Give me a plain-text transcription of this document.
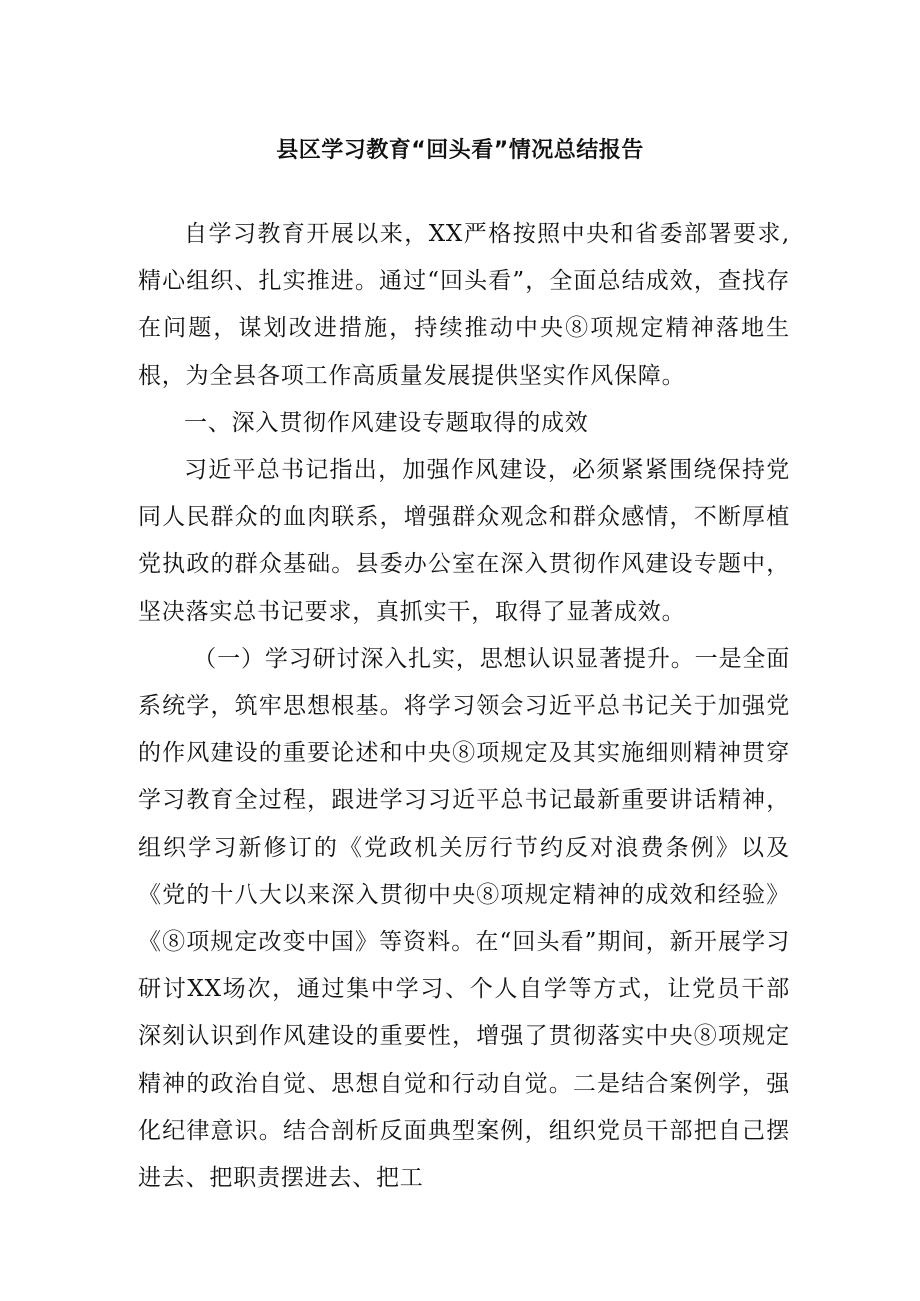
县区学习教育“回头看”情况总结报告

自学习教育开展以来，XX严格按照中央和省委部署要求,精心组织、扎实推进。通过“回头看”，全面总结成效，查找存在问题，谋划改进措施，持续推动中央⑧项规定精神落地生根，为全县各项工作高质量发展提供坚实作风保障。

一、深入贯彻作风建设专题取得的成效

习近平总书记指出，加强作风建设，必须紧紧围绕保持党同人民群众的血肉联系，增强群众观念和群众感情，不断厚植党执政的群众基础。县委办公室在深入贯彻作风建设专题中，坚决落实总书记要求，真抓实干，取得了显著成效。

（一）学习研讨深入扎实，思想认识显著提升。一是全面系统学，筑牢思想根基。将学习领会习近平总书记关于加强党的作风建设的重要论述和中央⑧项规定及其实施细则精神贯穿学习教育全过程，跟进学习习近平总书记最新重要讲话精神，组织学习新修订的《党政机关厉行节约反对浪费条例》以及《党的十八大以来深入贯彻中央⑧项规定精神的成效和经验》《⑧项规定改变中国》等资料。在“回头看”期间，新开展学习研讨XX场次，通过集中学习、个人自学等方式，让党员干部深刻认识到作风建设的重要性，增强了贯彻落实中央⑧项规定精神的政治自觉、思想自觉和行动自觉。二是结合案例学，强化纪律意识。结合剖析反面典型案例，组织党员干部把自己摆进去、把职责摆进去、把工
